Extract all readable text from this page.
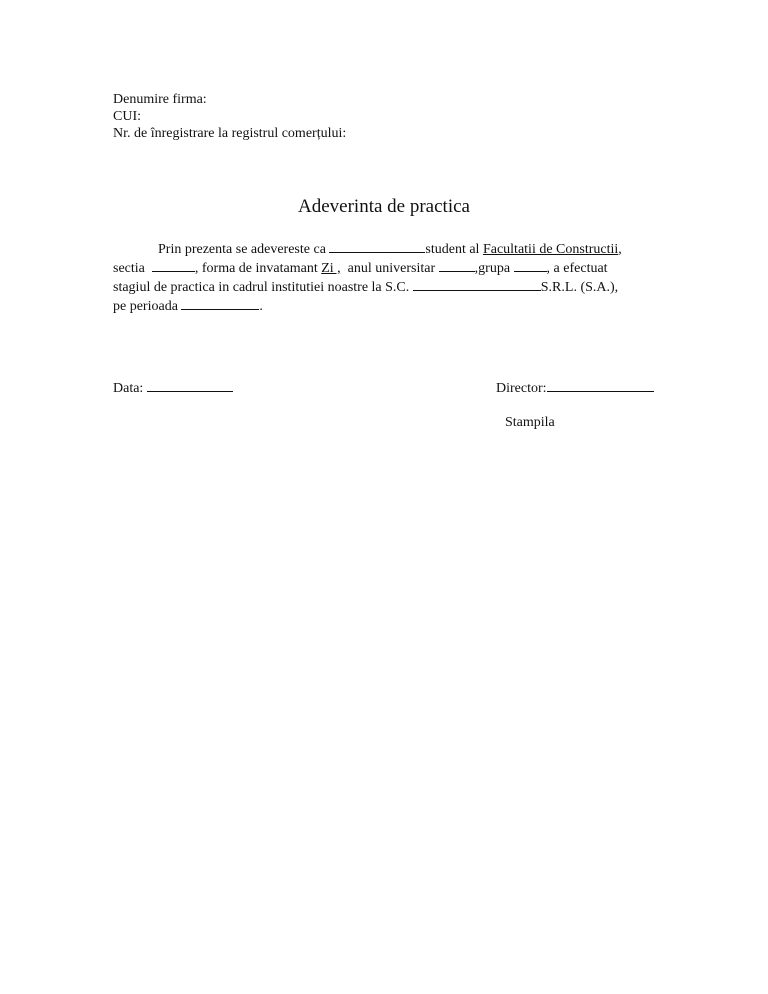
Denumire firma:
CUI:
Nr. de înregistrare la registrul comerțului:
Adeverinta de practica
Prin prezenta se adevereste ca	student al Facultatii de Constructii,
sectia	, forma de invatamant Zi , anul universitar	,grupa	, a efectuat
stagiul de practica in cadrul institutiei noastre la S.C.	S.R.L. (S.A.),
pe perioada	.
Data:	Director:
Stampila
